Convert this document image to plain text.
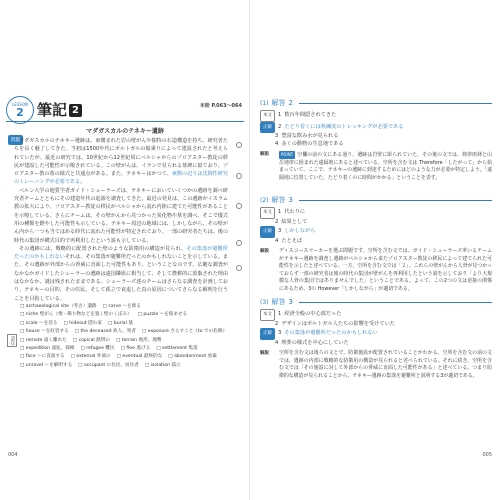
LESSON
2 筆記 2	本冊 P.063～064
問題
マダガスカルのテネキー遺跡

マダガスカルのテネキー遺跡は、東側まれた岩の壁がんや独特の石造構造を持ち、研究者たちを長く魅了してきた。当初は1500年代にポルトガルの船乗りによって建設されたと考えられていたが、最近の研究では、10世紀から12世紀頃にペルシャからのゾロアスター教徒の移民が建設した可能性が示唆されている。この壁がんは、イランで見られる墓碑に似ており、ゾロアスター教の墓の様式と共通点がある。また、テネキーはかつて、東側の辺りは沈降性研究のトレーニングが必要である。

ペルン大学の地質学者ガイド・シューラーズは、テネキーにおいていくつかの遺跡を調べ研究者チームとともにその建造年代の起源を調査してきた。最近の発見は、この遺跡がイスラム教の拡大により、ゾロアスター教徒の移民がペルシャから流れ内陸に建てた可能性があることを示唆している。さらにチームは、その壁がんから見つかった炭化物や墓を調べ、そこで儀式用の種類を燃やした可能性も示している。テネキー周辺の地域には、しかしながら、その壁がん内から一つも当てはめる時代に流れた可能性が特定されており、一部の研究者たちは、後の時代の集団が構式目的で再利用したという説も示している。

その遺跡には、戦略的に配置された壁のような防衛用の構造が見られ、その集落が避難所だったのかもしれないそれは、その集落が避難所だったのかもしれないことを示している。また、その遺跡が外部からの脅威に直面した可能性もあり、ということなのです。広範な調査がなかなかガイドしたシューラーの遺跡は遠国隣組に相当して、そして農耕的に放棄された理由はなかなか、謎は残されたままである。シューラーズ達のチームはさらなる調査を計画しており、テネキーの目的、その住民、そして孤立で衰退した真の原因についてさらなる解明を行うことを目指している。

語注
□ archaeological site（考古）遺跡 □ carve ～を彫る
□ niche 壁がん（像・飾り物などを置く壁のくぼみ） □ puzzle ～を悩ませる
□ scale ～を登る □ hideout 隠れ家 □ burial 墓
□ house ～を収容する □ the deceased 故人、死者 □ exposure さらすこと《to での危険》
□ remote 遠く離れた □ copical 熱帯の □ terrain 地形、地勢
□ expedition 遠征、探検 □ refugee 難民 □ flee 逃げる □ settlement 集落
□ face ～に直面する □ external 外部の □ eventual 最終的な □ abandonment 放棄
□ unravel ～を解明する □ occupant の住民、居住者 □ isolation 孤立
004
(1) 解答 2
本文	1 数百年間隠されてきた
正解	2 たどり着くには熟練度のトレッキングが必要である
3 豊富な飲み水が見られる
4 多くの動物の生息地である
解説	POINT 空欄の前の文にある通り、遺跡は岩壁に彫られていた。その後の文では、熱帯雨林と山岳地帯に囲まれた遠隔地にあると述べている。空所を含む文は Therefore「したがって」から始まっていて、ここで、テネキーの遺跡に到達するためにはどのような力が必要か特定しよう。「遠隔地に位置していた、たどり着くのに時間がかかる」ということを表す。
(2) 解答 3
本文	1 代わりに
2 結果として
正解	3 しかしながら
4 たとえば
解説	ディスコースマーカーを選ぶ問題です。空所を含む文では、ガイド・シューラーズ率いるチームがテネキー遺跡を調査し遺跡がペルシャから来たゾロアスター教徒の移民によって建てられた可能性を示したと述べている。一方、空所を含む文では「２」。これらの壁がんから人骨が見つかっておらず一部の研究者は後の時代の集団が壁がんを再利用したという説を示しており「より大規模な人骨の集団ではありませんでした」ということである。よって、この2つの文は逆接の関係にあるため、3の However「しかしながら」が適切である。
(3) 解答 3
本文	1 経済全般の中心部だった
2 デザインはポルトガル人たちの影響を受けていた
正解	3 その集落が避難所だったのかもしれない
4 埋葬の様式を中心にしていた
解説	空所を含む文は後ろの文とで、防衛施設が配置されていることがわかる。空所を含む文の前の文では、遺跡の内部に戦略的な防衛用の構造が見られると述べられている。それに続き、空所を含む文では「その施設に対して外部からの脅威に直面した可能性がある」と述べている。つまり防衛的な構造が見られることから、テネキー遺跡の集落を避難所と説明する3が適切である。
005
